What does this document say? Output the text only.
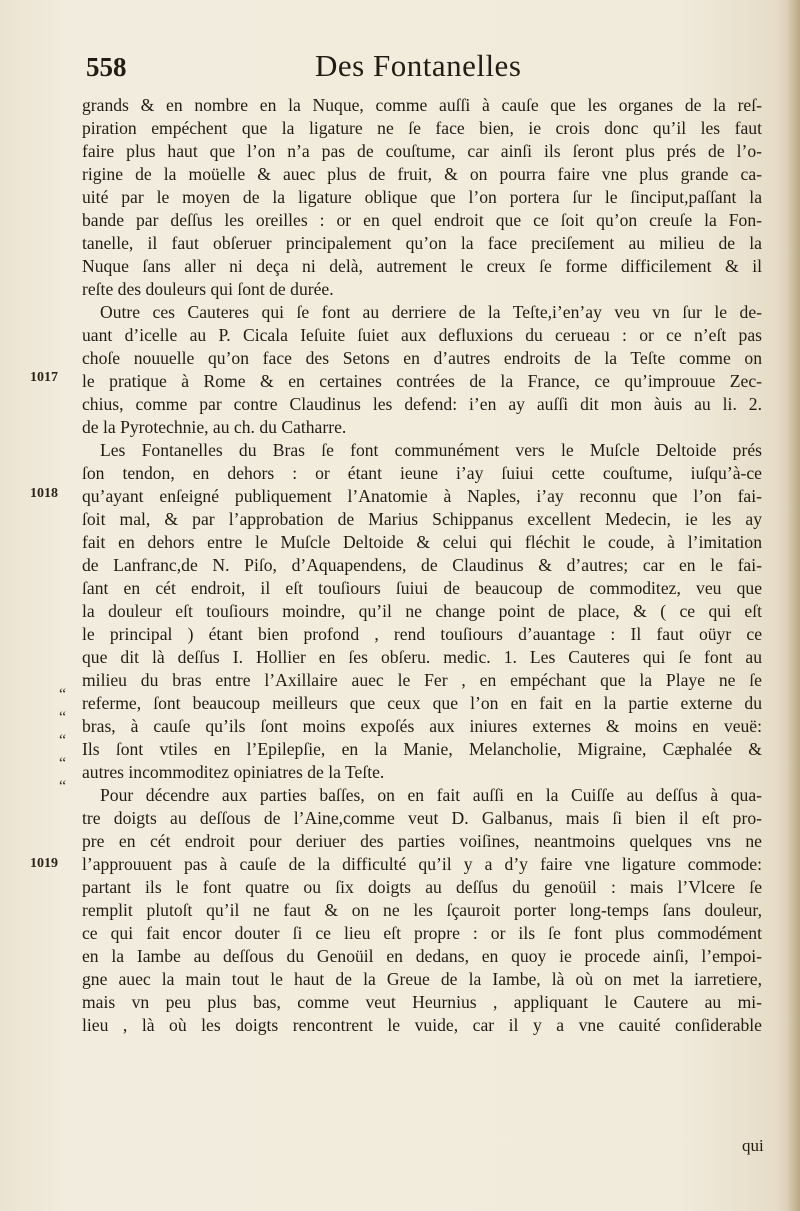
558	Des Fontanelles
1017
1018
1019
“
“
“
“
“
grands & en nombre en la Nuque, comme auſſi à cauſe que les organes de la reſ-
piration empéchent que la ligature ne ſe face bien, ie crois donc qu’il les faut
faire plus haut que l’on n’a pas de couſtume, car ainſi ils ſeront plus prés de l’o-
rigine de la moüelle & auec plus de fruit, & on pourra faire vne plus grande ca-
uité par le moyen de la ligature oblique que l’on portera ſur le ſinciput,paſſant la
bande par deſſus les oreilles : or en quel endroit que ce ſoit qu’on creuſe la Fon-
tanelle, il faut obſeruer principalement qu’on la face preciſement au milieu de la
Nuque ſans aller ni deça ni delà, autrement le creux ſe forme difficilement & il
reſte des douleurs qui ſont de durée.
Outre ces Cauteres qui ſe font au derriere de la Teſte,i’en’ay veu vn ſur le de-
uant d’icelle au P. Cicala Ieſuite ſuiet aux defluxions du cerueau : or ce n’eſt pas
choſe nouuelle qu’on face des Setons en d’autres endroits de la Teſte comme on
le pratique à Rome & en certaines contrées de la France, ce qu’improuue Zec-
chius, comme par contre Claudinus les defend: i’en ay auſſi dit mon àuis au li. 2.
de la Pyrotechnie, au ch. du Catharre.
Les Fontanelles du Bras ſe font communément vers le Muſcle Deltoide prés
ſon tendon, en dehors : or étant ieune i’ay ſuiui cette couſtume, iuſqu’à-ce
qu’ayant enſeigné publiquement l’Anatomie à Naples, i’ay reconnu que l’on fai-
ſoit mal, & par l’approbation de Marius Schippanus excellent Medecin, ie les ay
fait en dehors entre le Muſcle Deltoide & celui qui fléchit le coude, à l’imitation
de Lanfranc,de N. Piſo, d’Aquapendens, de Claudinus & d’autres; car en le fai-
ſant en cét endroit, il eſt touſiours ſuiui de beaucoup de commoditez, veu que
la douleur eſt touſiours moindre, qu’il ne change point de place, & ( ce qui eſt
le principal ) étant bien profond , rend touſiours d’auantage : Il faut oüyr ce
que dit là deſſus I. Hollier en ſes obſeru. medic. 1. Les Cauteres qui ſe font au
milieu du bras entre l’Axillaire auec le Fer , en empéchant que la Playe ne ſe
referme, ſont beaucoup meilleurs que ceux que l’on en fait en la partie externe du
bras, à cauſe qu’ils ſont moins expoſés aux iniures externes & moins en veuë:
Ils ſont vtiles en l’Epilepſie, en la Manie, Melancholie, Migraine, Cæphalée &
autres incommoditez opiniatres de la Teſte.
Pour décendre aux parties baſſes, on en fait auſſi en la Cuiſſe au deſſus à qua-
tre doigts au deſſous de l’Aine,comme veut D. Galbanus, mais ſi bien il eſt pro-
pre en cét endroit pour deriuer des parties voiſines, neantmoins quelques vns ne
l’approuuent pas à cauſe de la difficulté qu’il y a d’y faire vne ligature commode:
partant ils le font quatre ou ſix doigts au deſſus du genoüil : mais l’Vlcere ſe
remplit plutoſt qu’il ne faut & on ne les ſçauroit porter long-temps ſans douleur,
ce qui fait encor douter ſi ce lieu eſt propre : or ils ſe font plus commodément
en la Iambe au deſſous du Genoüil en dedans, en quoy ie procede ainſi, l’empoi-
gne auec la main tout le haut de la Greue de la Iambe, là où on met la iarretiere,
mais vn peu plus bas, comme veut Heurnius , appliquant le Cautere au mi-
lieu , là où les doigts rencontrent le vuide, car il y a vne cauité conſiderable
qui
